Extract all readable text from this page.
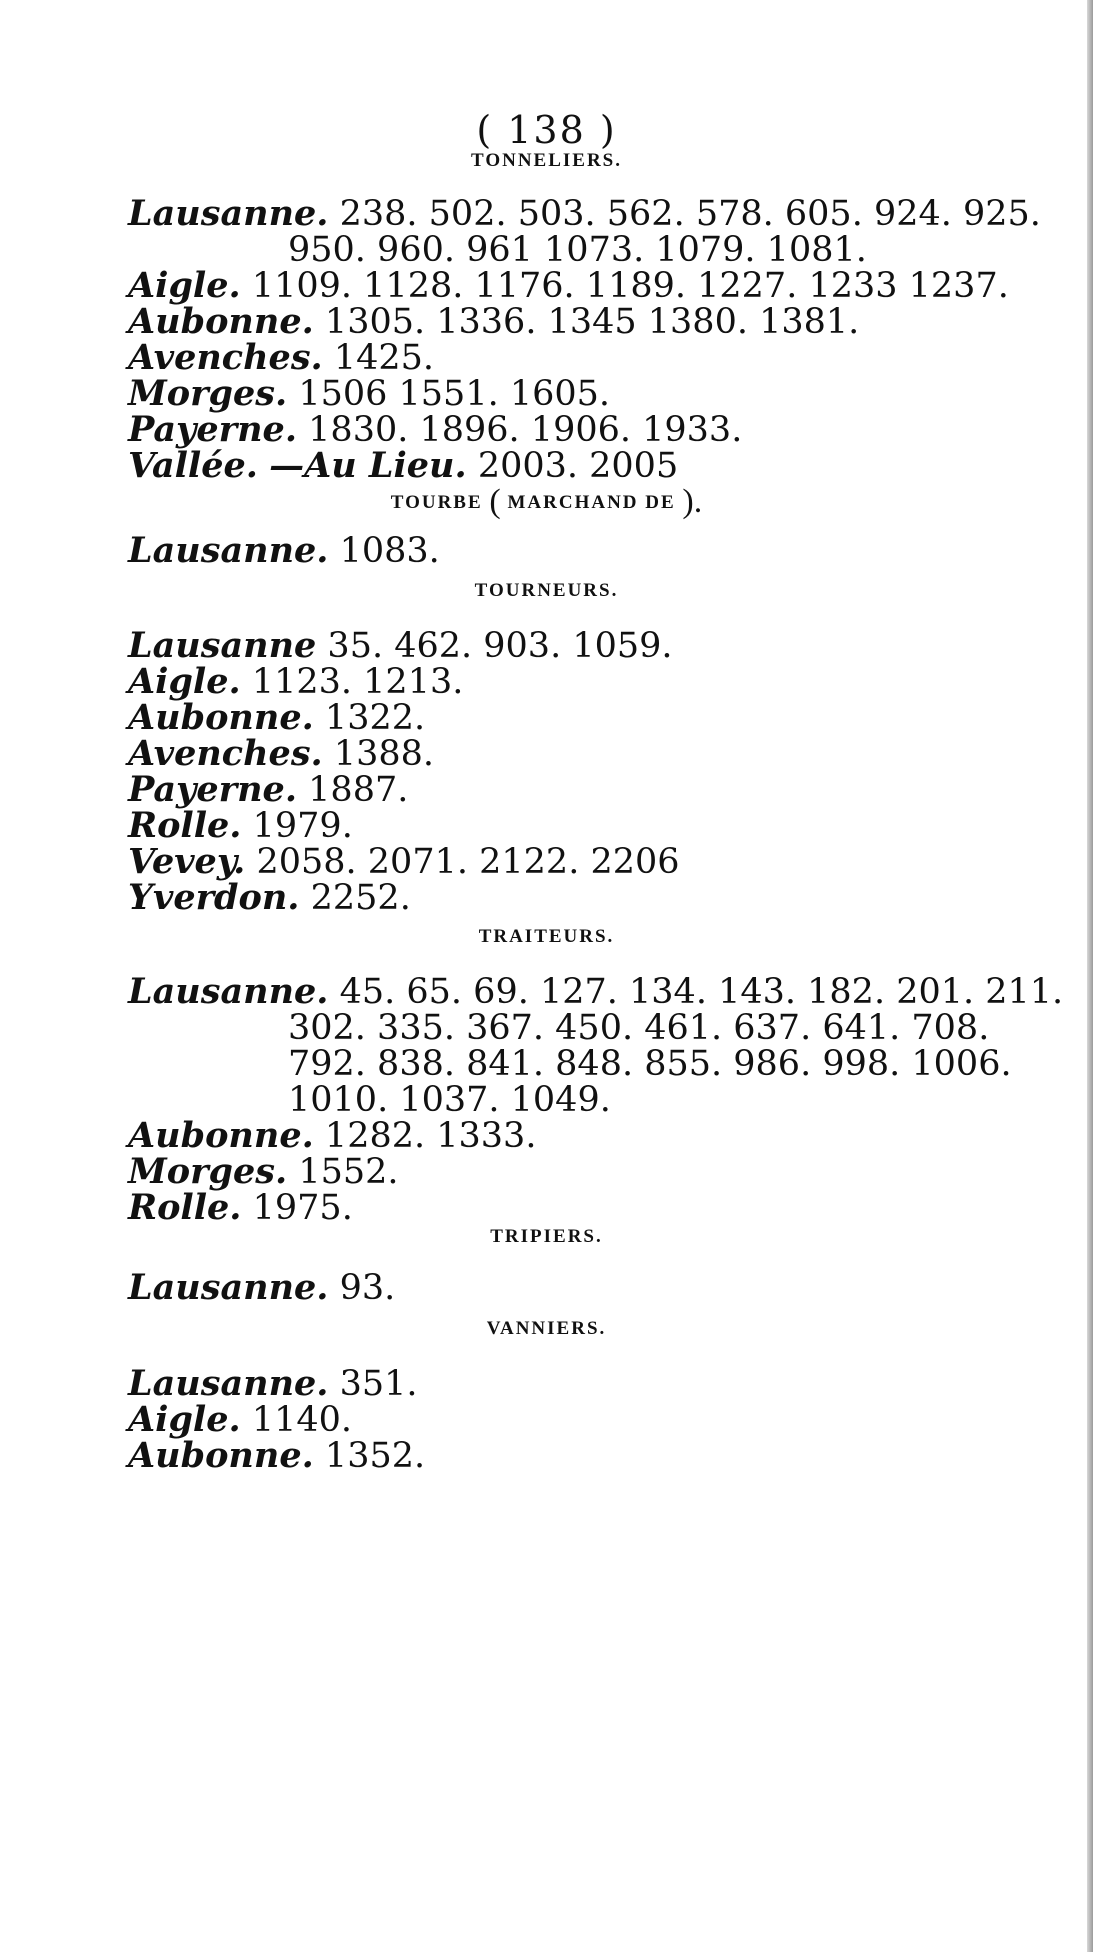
( 138 )
TONNELIERS.
Lausanne. 238. 502. 503. 562. 578. 605. 924. 925.
950. 960. 961 1073. 1079. 1081.
Aigle. 1109. 1128. 1176. 1189. 1227. 1233 1237.
Aubonne. 1305. 1336. 1345 1380. 1381.
Avenches. 1425.
Morges. 1506 1551. 1605.
Payerne. 1830. 1896. 1906. 1933.
Vallée. —Au Lieu. 2003. 2005
TOURBE ( MARCHAND DE ).
Lausanne. 1083.
TOURNEURS.
Lausanne 35. 462. 903. 1059.
Aigle. 1123. 1213.
Aubonne. 1322.
Avenches. 1388.
Payerne. 1887.
Rolle. 1979.
Vevey. 2058. 2071. 2122. 2206
Yverdon. 2252.
TRAITEURS.
Lausanne. 45. 65. 69. 127. 134. 143. 182. 201. 211.
302. 335. 367. 450. 461. 637. 641. 708.
792. 838. 841. 848. 855. 986. 998. 1006.
1010. 1037. 1049.
Aubonne. 1282. 1333.
Morges. 1552.
Rolle. 1975.
TRIPIERS.
Lausanne. 93.
VANNIERS.
Lausanne. 351.
Aigle. 1140.
Aubonne. 1352.
